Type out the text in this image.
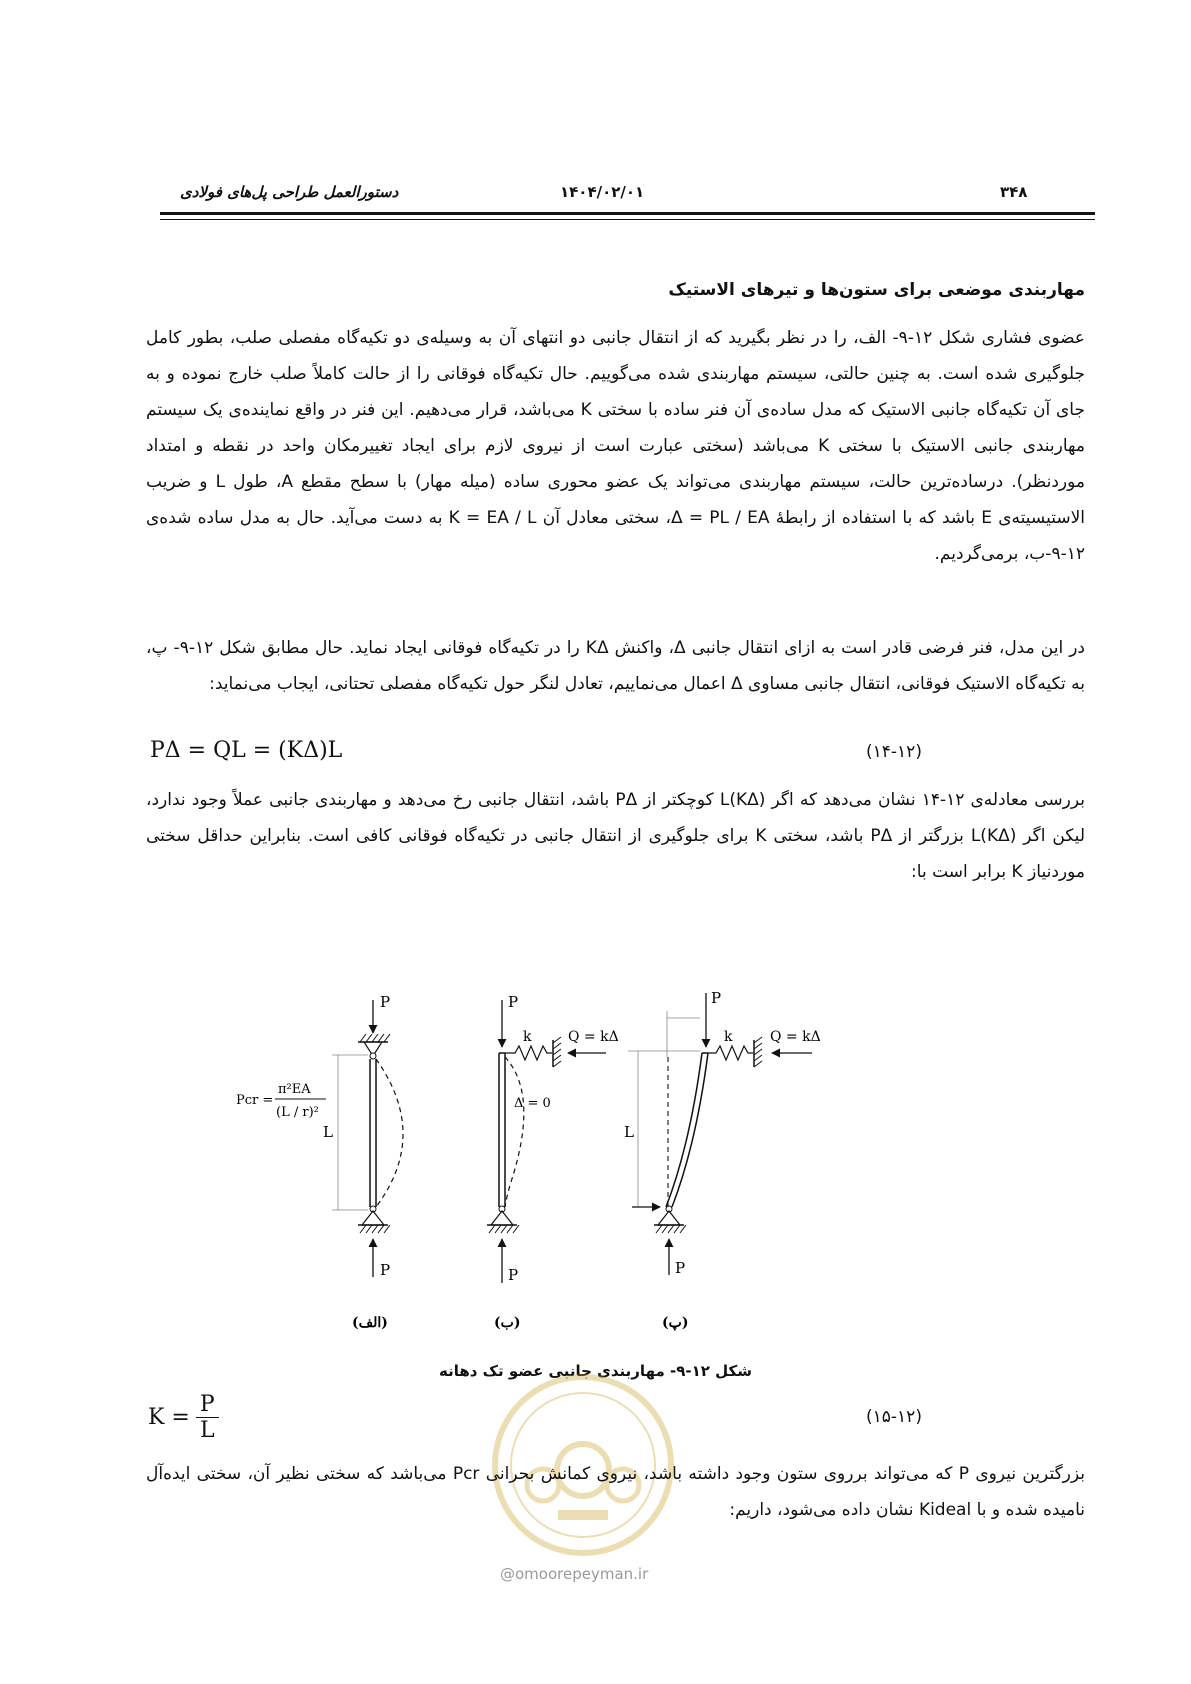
۳۴۸
۱۴۰۴/۰۲/۰۱
دستورالعمل طراحی پل‌های فولادی
مهاربندی موضعی برای ستون‌ها و تیرهای الاستیک
عضوی فشاری شکل ۱۲-۹- الف، را در نظر بگیرید که از انتقال جانبی دو انتهای آن به وسیله‌ی دو تکیه‌گاه مفصلی صلب، بطور کامل جلوگیری شده است. به چنین حالتی، سیستم مهاربندی شده می‌گوییم. حال تکیه‌گاه فوقانی را از حالت کاملاً صلب خارج نموده و به جای آن تکیه‌گاه جانبی الاستیک که مدل ساده‌ی آن فنر ساده با سختی K می‌باشد، قرار می‌دهیم. این فنر در واقع نماینده‌ی یک سیستم مهاربندی جانبی الاستیک با سختی K می‌باشد (سختی عبارت است از نیروی لازم برای ایجاد تغییرمکان واحد در نقطه و امتداد موردنظر). درساده‌ترین حالت، سیستم مهاربندی می‌تواند یک عضو محوری ساده (میله مهار) با سطح مقطع A، طول L و ضریب الاستیسیته‌ی E باشد که با استفاده از رابطهٔ Δ = PL / EA، سختی معادل آن K = EA / L به دست می‌آید. حال به مدل ساده شده‌ی ۱۲-۹-ب، برمی‌گردیم.
در این مدل، فنر فرضی قادر است به ازای انتقال جانبی Δ، واکنش KΔ را در تکیه‌گاه فوقانی ایجاد نماید. حال مطابق شکل ۱۲-۹- پ، به تکیه‌گاه الاستیک فوقانی، انتقال جانبی مساوی Δ اعمال می‌نماییم، تعادل لنگر حول تکیه‌گاه مفصلی تحتانی، ایجاب می‌نماید:
PΔ = QL = (KΔ)L	(۱۴-۱۲)
بررسی معادله‌ی ۱۲-۱۴ نشان می‌دهد که اگر (KΔ)L کوچکتر از PΔ باشد، انتقال جانبی رخ می‌دهد و مهاربندی جانبی عملاً وجود ندارد، لیکن اگر (KΔ)L بزرگتر از PΔ باشد، سختی K برای جلوگیری از انتقال جانبی در تکیه‌گاه فوقانی کافی است. بنابراین حداقل سختی موردنیاز K برابر است با:
L
P
P
Pcr =
π²EA
(L / r)²
(الف)
P
k	Q = kΔ
Δ = 0
P
(ب)
P
k	Q = kΔ
L
P
(پ)
شکل ۱۲-۹- مهاربندی جانبی عضو تک دهانه
$K = \frac{P}{L}$	(۱۵-۱۲)
بزرگترین نیروی P که می‌تواند برروی ستون وجود داشته باشد، نیروی کمانش بحرانی Pcr می‌باشد که سختی نظیر آن، سختی ایده‌آل نامیده شده و با Kideal نشان داده می‌شود، داریم:
@omoorepeyman.ir
